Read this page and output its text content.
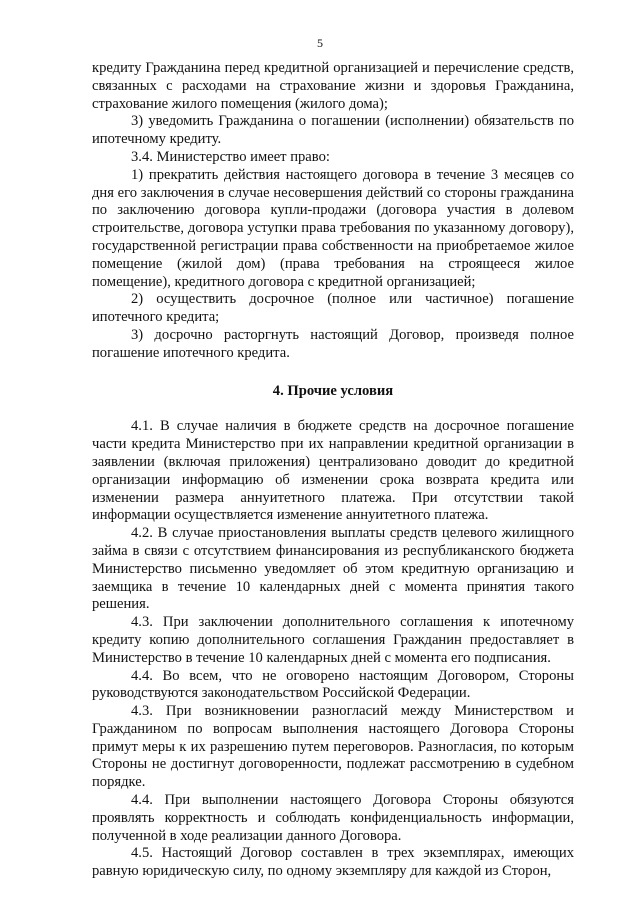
5

кредиту Гражданина перед кредитной организацией и перечисление средств, связанных с расходами на страхование жизни и здоровья Гражданина, страхование жилого помещения (жилого дома);

3) уведомить Гражданина о погашении (исполнении) обязательств по ипотечному кредиту.

3.4. Министерство имеет право:

1) прекратить действия настоящего договора в течение 3 месяцев со дня его заключения в случае несовершения действий со стороны гражданина по заключению договора купли-продажи (договора участия в долевом строительстве, договора уступки права требования по указанному договору), государственной регистрации права собственности на приобретаемое жилое помещение (жилой дом) (права требования на строящееся жилое помещение), кредитного договора с кредитной организацией;

2) осуществить досрочное (полное или частичное) погашение ипотечного кредита;

3) досрочно расторгнуть настоящий Договор, произведя полное погашение ипотечного кредита.

4. Прочие условия

4.1. В случае наличия в бюджете средств на досрочное погашение части кредита Министерство при их направлении кредитной организации в заявлении (включая приложения) централизовано доводит до кредитной организации информацию об изменении срока возврата кредита или изменении размера аннуитетного платежа. При отсутствии такой информации осуществляется изменение аннуитетного платежа.

4.2. В случае приостановления выплаты средств целевого жилищного займа в связи с отсутствием финансирования из республиканского бюджета Министерство письменно уведомляет об этом кредитную организацию и заемщика в течение 10 календарных дней с момента принятия такого решения.

4.3. При заключении дополнительного соглашения к ипотечному кредиту копию дополнительного соглашения Гражданин предоставляет в Министерство в течение 10 календарных дней с момента его подписания.

4.4. Во всем, что не оговорено настоящим Договором, Стороны руководствуются законодательством Российской Федерации.

4.3. При возникновении разногласий между Министерством и Гражданином по вопросам выполнения настоящего Договора Стороны примут меры к их разрешению путем переговоров. Разногласия, по которым Стороны не достигнут договоренности, подлежат рассмотрению в судебном порядке.

4.4. При выполнении настоящего Договора Стороны обязуются проявлять корректность и соблюдать конфиденциальность информации, полученной в ходе реализации данного Договора.

4.5. Настоящий Договор составлен в трех экземплярах, имеющих равную юридическую силу, по одному экземпляру для каждой из Сторон,
